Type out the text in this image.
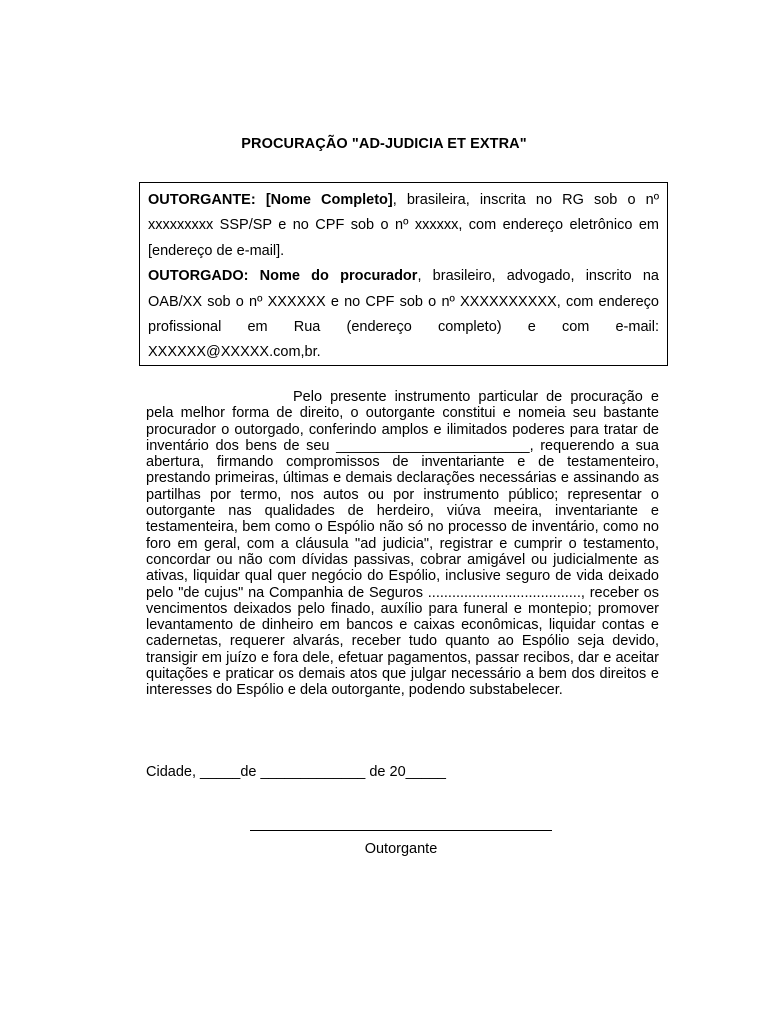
PROCURAÇÃO "AD-JUDICIA ET EXTRA"

OUTORGANTE: [Nome Completo], brasileira, inscrita no RG sob o nº xxxxxxxxx SSP/SP e no CPF sob o nº xxxxxx, com endereço eletrônico em [endereço de e-mail].

OUTORGADO: Nome do procurador, brasileiro, advogado, inscrito na OAB/XX sob o nº XXXXXX e no CPF sob o nº XXXXXXXXXX, com endereço profissional em Rua (endereço completo) e com e-mail: XXXXXX@XXXXX.com,br.

Pelo presente instrumento particular de procuração e pela melhor forma de direito, o outorgante constitui e nomeia seu bastante procurador o outorgado, conferindo amplos e ilimitados poderes para tratar de inventário dos bens de seu ________________________, requerendo a sua abertura, firmando compromissos de inventariante e de testamenteiro, prestando primeiras, últimas e demais declarações necessárias e assinando as partilhas por termo, nos autos ou por instrumento público; representar o outorgante nas qualidades de herdeiro, viúva meeira, inventariante e testamenteira, bem como o Espólio não só no processo de inventário, como no foro em geral, com a cláusula "ad judicia", registrar e cumprir o testamento, concordar ou não com dívidas passivas, cobrar amigável ou judicialmente as ativas, liquidar qual quer negócio do Espólio, inclusive seguro de vida deixado pelo "de cujus" na Companhia de Seguros ......................................, receber os vencimentos deixados pelo finado, auxílio para funeral e montepio; promover levantamento de dinheiro em bancos e caixas econômicas, liquidar contas e cadernetas, requerer alvarás, receber tudo quanto ao Espólio seja devido, transigir em juízo e fora dele, efetuar pagamentos, passar recibos, dar e aceitar quitações e praticar os demais atos que julgar necessário a bem dos direitos e interesses do Espólio e dela outorgante, podendo substabelecer.

Cidade, _____de _____________ de 20_____
Outorgante
